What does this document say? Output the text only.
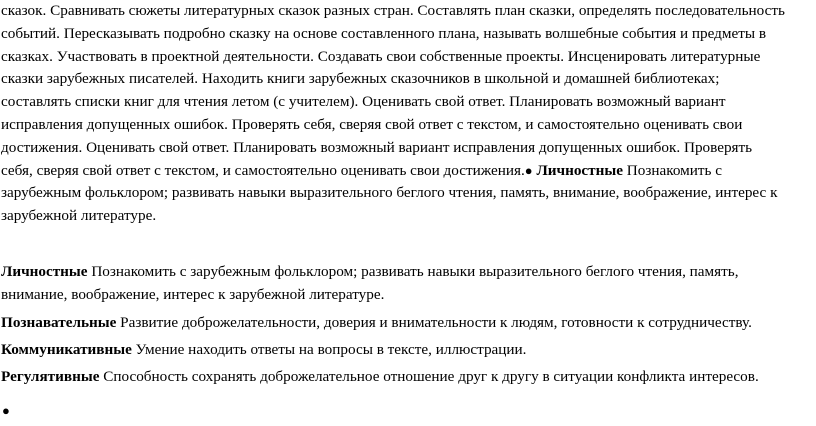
сказок. Сравнивать сюжеты литературных сказок разных стран. Составлять план сказки, определять последовательность
событий. Пересказывать подробно сказку на основе составленного плана, называть волшебные события и предметы в
сказках. Участвовать в проектной деятельности. Создавать свои собственные проекты. Инсценировать литературные
сказки зарубежных писателей. Находить книги зарубежных сказочников в школьной и домашней библиотеках;
составлять списки книг для чтения летом (с учителем). Оценивать свой ответ. Планировать возможный вариант
исправления допущенных ошибок. Проверять себя, сверяя свой ответ с текстом, и самостоятельно оценивать свои
достижения. Оценивать свой ответ. Планировать возможный вариант исправления допущенных ошибок. Проверять
себя, сверяя свой ответ с текстом, и самостоятельно оценивать свои достижения.● Личностные Познакомить с
зарубежным фольклором; развивать навыки выразительного беглого чтения, память, внимание, воображение, интерес к
зарубежной литературе.

Личностные Познакомить с зарубежным фольклором; развивать навыки выразительного беглого чтения, память,
внимание, воображение, интерес к зарубежной литературе.

Познавательные Развитие доброжелательности, доверия и внимательности к людям, готовности к сотрудничеству.

Коммуникативные Умение находить ответы на вопросы в тексте, иллюстрации.

Регулятивные Способность сохранять доброжелательное отношение друг к другу в ситуации конфликта интересов.

●
